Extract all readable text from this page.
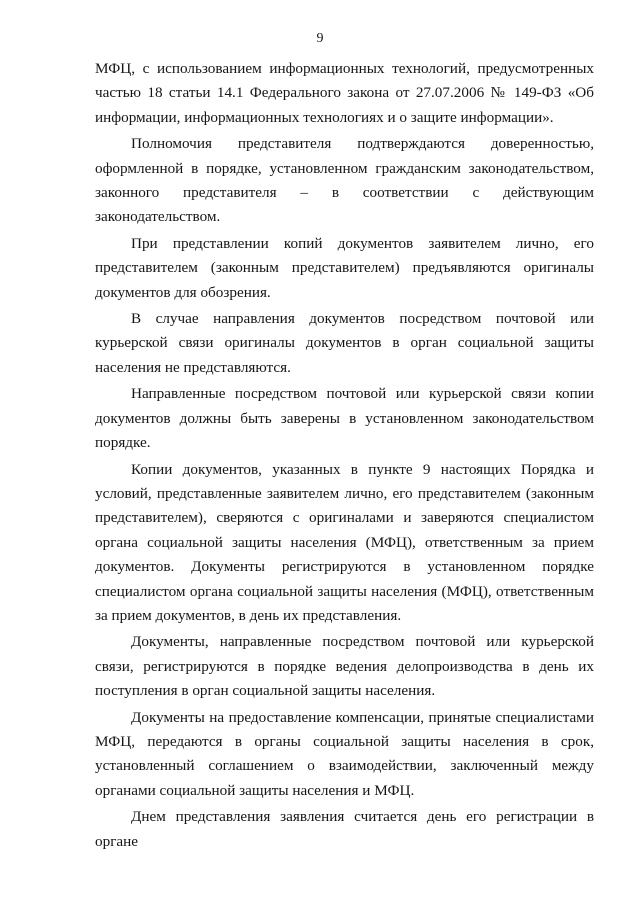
9

МФЦ, с использованием информационных технологий, предусмотренных частью 18 статьи 14.1 Федерального закона от 27.07.2006 № 149-ФЗ «Об информации, информационных технологиях и о защите информации».

Полномочия представителя подтверждаются доверенностью, оформленной в порядке, установленном гражданским законодательством, законного представителя – в соответствии с действующим законодательством.

При представлении копий документов заявителем лично, его представителем (законным представителем) предъявляются оригиналы документов для обозрения.

В случае направления документов посредством почтовой или курьерской связи оригиналы документов в орган социальной защиты населения не представляются.

Направленные посредством почтовой или курьерской связи копии документов должны быть заверены в установленном законодательством порядке.

Копии документов, указанных в пункте 9 настоящих Порядка и условий, представленные заявителем лично, его представителем (законным представителем), сверяются с оригиналами и заверяются специалистом органа социальной защиты населения (МФЦ), ответственным за прием документов. Документы регистрируются в установленном порядке специалистом органа социальной защиты населения (МФЦ), ответственным за прием документов, в день их представления.

Документы, направленные посредством почтовой или курьерской связи, регистрируются в порядке ведения делопроизводства в день их поступления в орган социальной защиты населения.

Документы на предоставление компенсации, принятые специалистами МФЦ, передаются в органы социальной защиты населения в срок, установленный соглашением о взаимодействии, заключенный между органами социальной защиты населения и МФЦ.

Днем представления заявления считается день его регистрации в органе
